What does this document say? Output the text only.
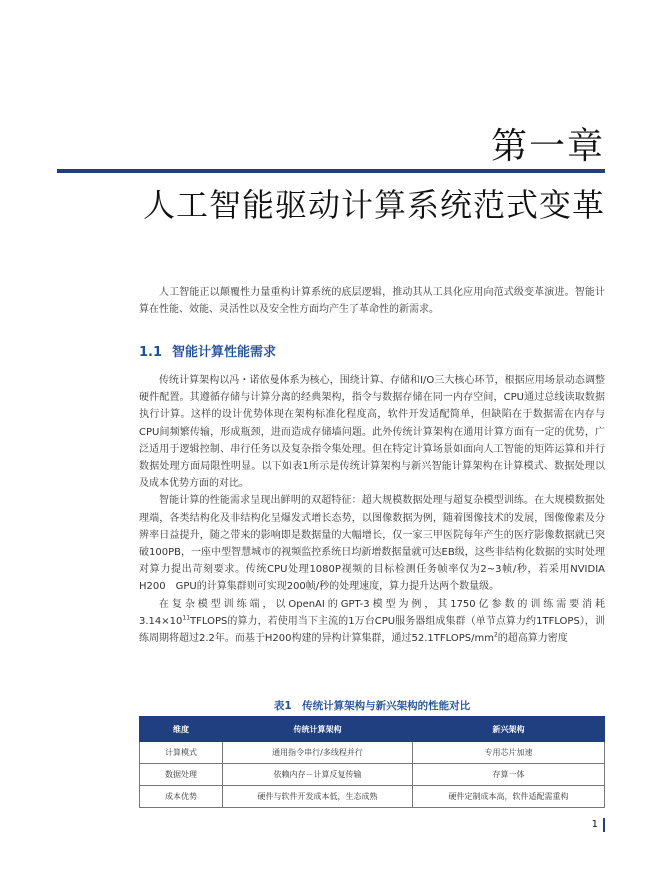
第一章
人工智能驱动计算系统范式变革

人工智能正以颠覆性力量重构计算系统的底层逻辑，推动其从工具化应用向范式级变革演进。智能计算在性能、效能、灵活性以及安全性方面均产生了革命性的新需求。

1.1 智能计算性能需求

传统计算架构以冯・诺依曼体系为核心，围绕计算、存储和I/O三大核心环节，根据应用场景动态调整硬件配置。其遵循存储与计算分离的经典架构，指令与数据存储在同一内存空间，CPU通过总线读取数据执行计算。这样的设计优势体现在架构标准化程度高，软件开发适配简单，但缺陷在于数据需在内存与CPU间频繁传输，形成瓶颈，进而造成存储墙问题。此外传统计算架构在通用计算方面有一定的优势，广泛适用于逻辑控制、串行任务以及复杂指令集处理。但在特定计算场景如面向人工智能的矩阵运算和并行数据处理方面局限性明显。以下如表1所示是传统计算架构与新兴智能计算架构在计算模式、数据处理以及成本优势方面的对比。

智能计算的性能需求呈现出鲜明的双超特征：超大规模数据处理与超复杂模型训练。在大规模数据处理端，各类结构化及非结构化呈爆发式增长态势，以图像数据为例，随着图像技术的发展，图像像素及分辨率日益提升，随之带来的影响即是数据量的大幅增长，仅一家三甲医院每年产生的医疗影像数据就已突破100PB，一座中型智慧城市的视频监控系统日均新增数据量就可达EB级，这些非结构化数据的实时处理对算力提出苛刻要求。传统CPU处理1080P视频的目标检测任务帧率仅为2~3帧/秒，若采用NVIDIA　H200　GPU的计算集群则可实现200帧/秒的处理速度，算力提升达两个数量级。

在复杂模型训练端，以OpenAI的GPT-3模型为例，其1750亿参数的训练需要消耗$3.14\times 10^{11}TFLOPS$的算力，若使用当下主流的1万台CPU服务器组成集群（单节点算力约1TFLOPS），训练周期将超过2.2年。而基于H200构建的异构计算集群，通过$52.1TFLOPS/mm^2$的超高算力密度

表1　传统计算架构与新兴架构的性能对比
维度	传统计算架构	新兴架构
计算模式	通用指令串行/多线程并行	专用芯片加速
数据处理	依赖内存－计算反复传输	存算一体
成本优势	硬件与软件开发成本低，生态成熟	硬件定制成本高，软件适配需重构
1
